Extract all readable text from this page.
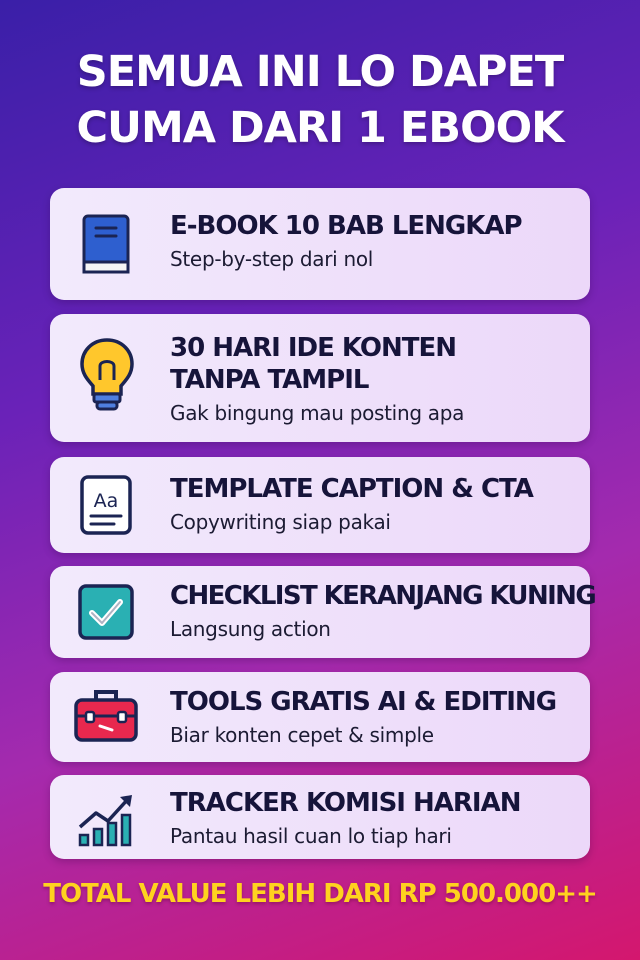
SEMUA INI LO DAPET
CUMA DARI 1 EBOOK
E-BOOK 10 BAB LENGKAP
Step-by-step dari nol
30 HARI IDE KONTEN
TANPA TAMPIL
Gak bingung mau posting apa
Aa TEMPLATE CAPTION & CTA
Copywriting siap pakai
CHECKLIST KERANJANG KUNING
Langsung action
TOOLS GRATIS AI & EDITING
Biar konten cepet & simple
TRACKER KOMISI HARIAN
Pantau hasil cuan lo tiap hari
TOTAL VALUE LEBIH DARI RP 500.000++
